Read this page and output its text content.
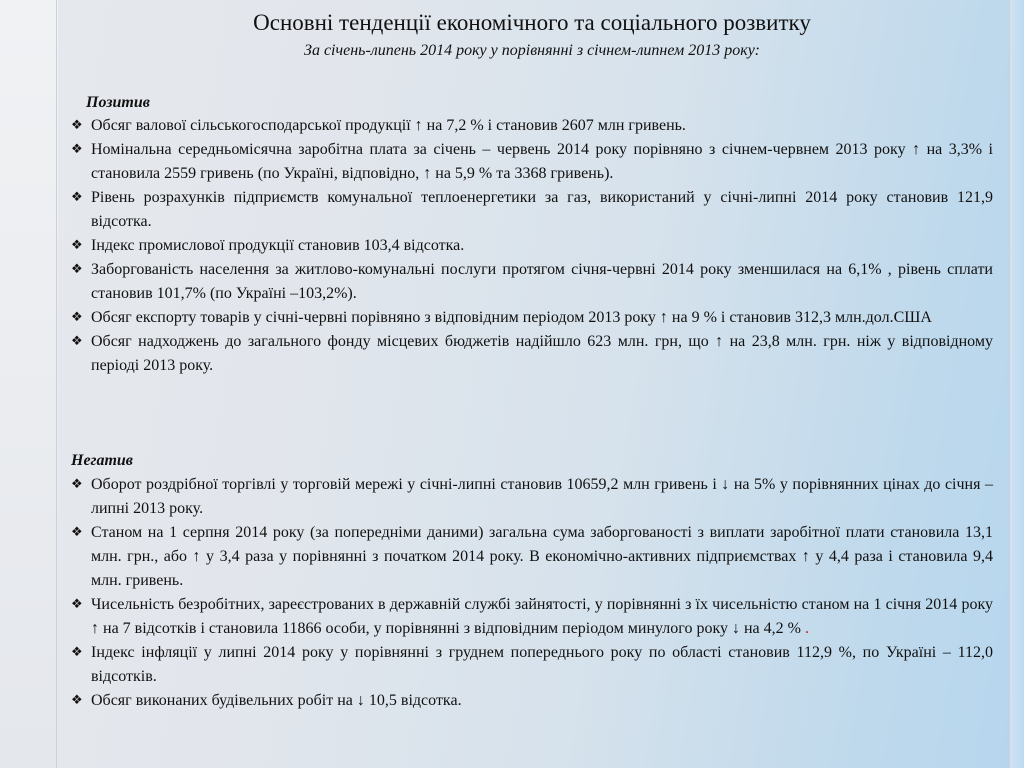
Основні тенденції економічного та соціального розвитку
За січень-липень 2014 року у порівнянні з січнем-липнем 2013 року:
Позитив
❖ Обсяг валової сільськогосподарської продукції ↑ на 7,2 % і становив 2607 млн гривень.
❖ Номінальна середньомісячна заробітна плата за січень – червень 2014 року порівняно з січнем-червнем 2013 року ↑ на 3,3% і становила 2559 гривень (по Україні, відповідно, ↑ на 5,9 % та 3368 гривень).
❖ Рівень розрахунків підприємств комунальної теплоенергетики за газ, використаний у січні-липні 2014 року становив 121,9 відсотка.
❖ Індекс промислової продукції становив 103,4 відсотка.
❖ Заборгованість населення за житлово-комунальні послуги протягом січня-червні 2014 року зменшилася на 6,1% , рівень сплати становив 101,7% (по Україні –103,2%).
❖ Обсяг експорту товарів у січні-червні порівняно з відповідним періодом 2013 року ↑ на 9 % і становив 312,3 млн.дол.США
❖ Обсяг надходжень до загального фонду місцевих бюджетів надійшло 623 млн. грн, що ↑ на 23,8 млн. грн. ніж у відповідному періоді 2013 року.
Негатив
❖ Оборот роздрібної торгівлі у торговій мережі у січні-липні становив 10659,2 млн гривень і ↓ на 5% у порівнянних цінах до січня – липні 2013 року.
❖ Станом на 1 серпня 2014 року (за попередніми даними) загальна сума заборгованості з виплати заробітної плати становила 13,1 млн. грн., або ↑ у 3,4 раза у порівнянні з початком 2014 року. В економічно-активних підприємствах ↑ у 4,4 раза і становила 9,4 млн. гривень.
❖ Чисельність безробітних, зареєстрованих в державній службі зайнятості, у порівнянні з їх чисельністю станом на 1 січня 2014 року ↑ на 7 відсотків і становила 11866 особи, у порівнянні з відповідним періодом минулого року ↓ на 4,2 % .
❖ Індекс інфляції у липні 2014 року у порівнянні з груднем попереднього року по області становив 112,9 %, по Україні – 112,0 відсотків.
❖ Обсяг виконаних будівельних робіт на ↓ 10,5 відсотка.
